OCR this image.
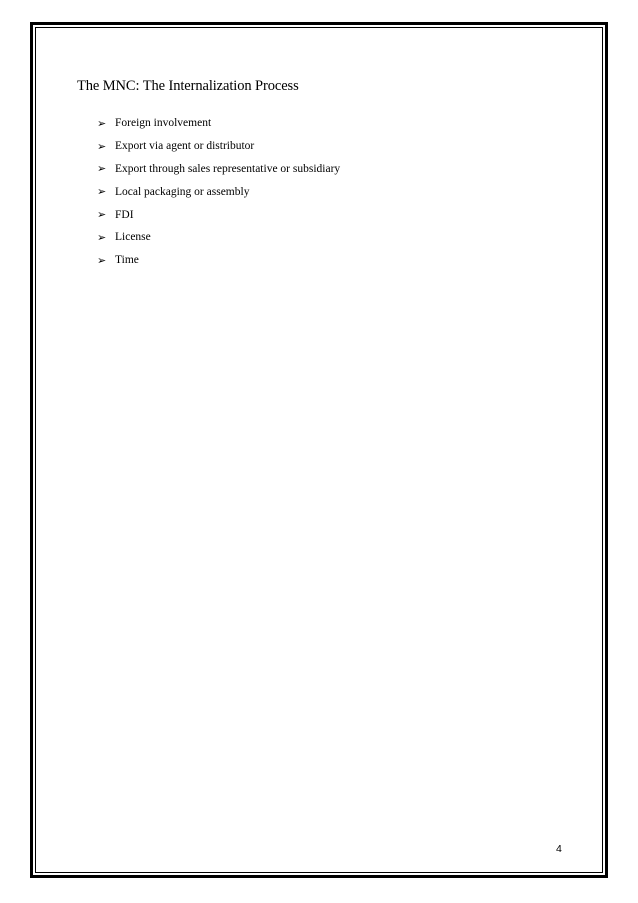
The MNC: The Internalization Process
➢ Foreign involvement
➢ Export via agent or distributor
➢ Export through sales representative or subsidiary
➢ Local packaging or assembly
➢ FDI
➢ License
➢ Time
4
